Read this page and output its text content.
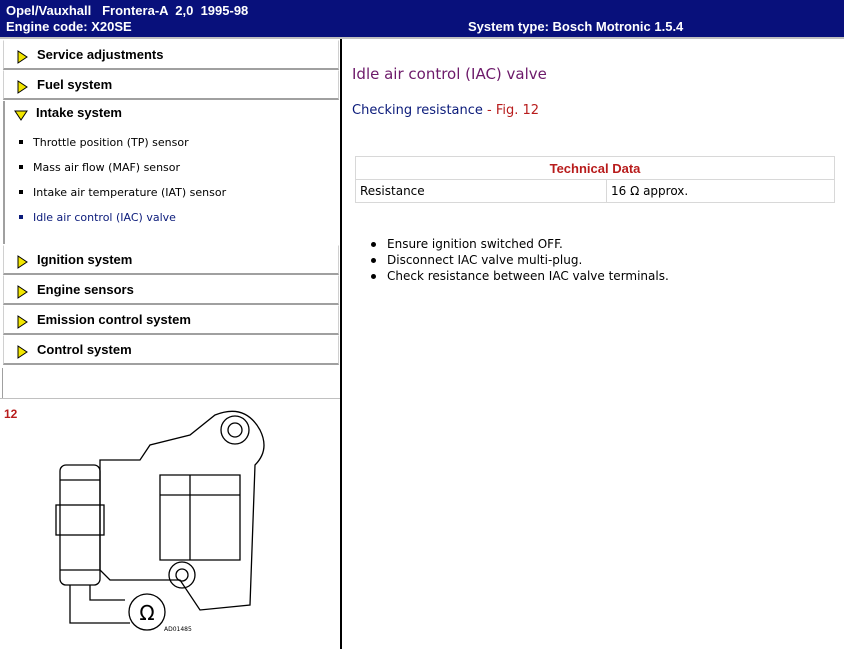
Opel/Vauxhall   Frontera-A  2,0  1995-98
Engine code: X20SE	System type: Bosch Motronic 1.5.4
Service adjustments
Fuel system
Intake system
Throttle position (TP) sensor
Mass air flow (MAF) sensor
Intake air temperature (IAT) sensor
Idle air control (IAC) valve
Ignition system
Engine sensors
Emission control system
Control system
12
Ω
AD01485
Idle air control (IAC) valve
Checking resistance - Fig. 12
Technical Data
Resistance	16 Ω approx.
Ensure ignition switched OFF.
Disconnect IAC valve multi-plug.
Check resistance between IAC valve terminals.
